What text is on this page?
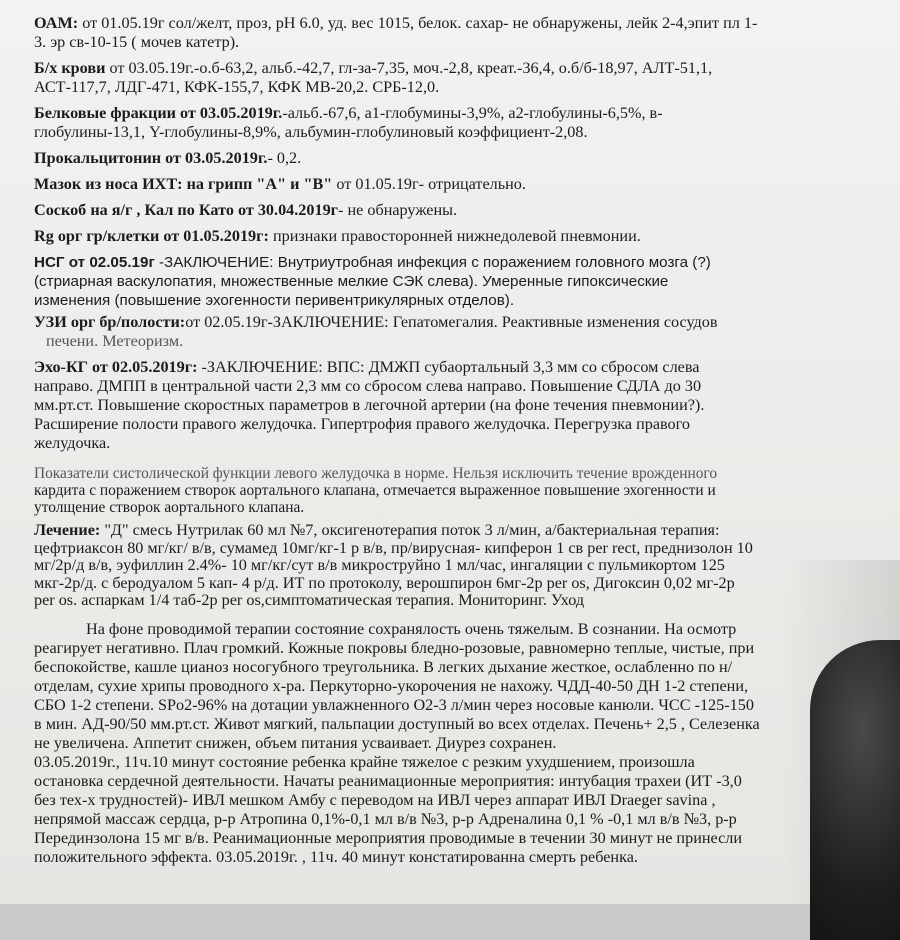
ОАМ: от 01.05.19г сол/желт, проз, рН 6.0, уд. вес 1015, белок. сахар- не обнаружены, лейк 2-4,эпит пл 1-

3. эр св-10-15 ( мочев катетр).

Б/х крови от 03.05.19г.-о.б-63,2, альб.-42,7, гл-за-7,35, моч.-2,8, креат.-36,4, о.б/б-18,97, АЛТ-51,1,

АСТ-117,7, ЛДГ-471, КФК-155,7, КФК МВ-20,2. СРБ-12,0.

Белковые фракции от 03.05.2019г.-альб.-67,6, а1-глобумины-3,9%, а2-глобулины-6,5%, в-

глобулины-13,1, Y-глобулины-8,9%, альбумин-глобулиновый коэффициент-2,08.

Прокальцитонин от 03.05.2019г.- 0,2.

Мазок из носа ИХТ: на грипп "А" и "В" от 01.05.19г- отрицательно.

Соскоб на я/г , Кал по Като от 30.04.2019г- не обнаружены.

Rg орг гр/клетки от 01.05.2019г: признаки правосторонней нижнедолевой пневмонии.

НСГ от 02.05.19г -ЗАКЛЮЧЕНИЕ: Внутриутробная инфекция с поражением головного мозга (?)

(стриарная васкулопатия, множественные мелкие СЭК слева). Умеренные гипоксические

изменения (повышение эхогенности перивентрикулярных отделов).

УЗИ орг бр/полости:от 02.05.19г-ЗАКЛЮЧЕНИЕ: Гепатомегалия. Реактивные изменения сосудов

печени. Метеоризм.

Эхо-КГ от 02.05.2019г: -ЗАКЛЮЧЕНИЕ: ВПС: ДМЖП субаортальный 3,3 мм со сбросом слева

направо. ДМПП в центральной части 2,3 мм со сбросом слева направо. Повышение СДЛА до 30

мм.рт.ст. Повышение скоростных параметров в легочной артерии (на фоне течения пневмонии?).

Расширение полости правого желудочка. Гипертрофия правого желудочка. Перегрузка правого

желудочка.

Показатели систолической функции левого желудочка в норме. Нельзя исключить течение врожденного

кардита с поражением створок аортального клапана, отмечается выраженное повышение эхогенности и

утолщение створок аортального клапана.

Лечение: "Д" смесь Нутрилак 60 мл №7, оксигенотерапия поток 3 л/мин, а/бактериальная терапия:

цефтриаксон 80 мг/кг/ в/в, сумамед 10мг/кг-1 р в/в, пр/вирусная- кипферон 1 св per rect, преднизолон 10

мг/2р/д в/в, эуфиллин 2.4%- 10 мг/кг/сут в/в микроструйно 1 мл/час, ингаляции с пульмикортом 125

мкг-2р/д. с беродуалом 5 кап- 4 р/д. ИТ по протоколу, верошпирон 6мг-2р per os, Дигоксин 0,02 мг-2р

per os. аспаркам 1/4 таб-2р per os,симптоматическая терапия. Мониторинг. Уход

На фоне проводимой терапии состояние сохранялость очень тяжелым. В сознании. На осмотр

реагирует негативно. Плач громкий. Кожные покровы бледно-розовые, равномерно теплые, чистые, при

беспокойстве, кашле цианоз носогубного треугольника. В легких дыхание жесткое, ослабленно по н/

отделам, сухие хрипы проводного х-ра. Перкуторно-укорочения не нахожу. ЧДД-40-50 ДН 1-2 степени,

СБО 1-2 степени. SPo2-96% на дотации увлажненного О2-3 л/мин через носовые канюли. ЧСС -125-150

в мин. АД-90/50 мм.рт.ст. Живот мягкий, пальпации доступный во всех отделах. Печень+ 2,5 , Селезенка

не увеличена. Аппетит снижен, объем питания усваивает. Диурез сохранен.

03.05.2019г., 11ч.10 минут состояние ребенка крайне тяжелое с резким ухудшением, произошла

остановка сердечной деятельности. Начаты реанимационные мероприятия: интубация трахеи (ИТ -3,0

без тех-х трудностей)- ИВЛ мешком Амбу с переводом на ИВЛ через аппарат ИВЛ Draeger savina ,

непрямой массаж сердца, р-р Атропина 0,1%-0,1 мл в/в №3, р-р Адреналина 0,1 % -0,1 мл в/в №3, р-р

Перединзолона 15 мг в/в. Реанимационные мероприятия проводимые в течении 30 минут не принесли

положительного эффекта. 03.05.2019г. , 11ч. 40 минут констатированна смерть ребенка.
